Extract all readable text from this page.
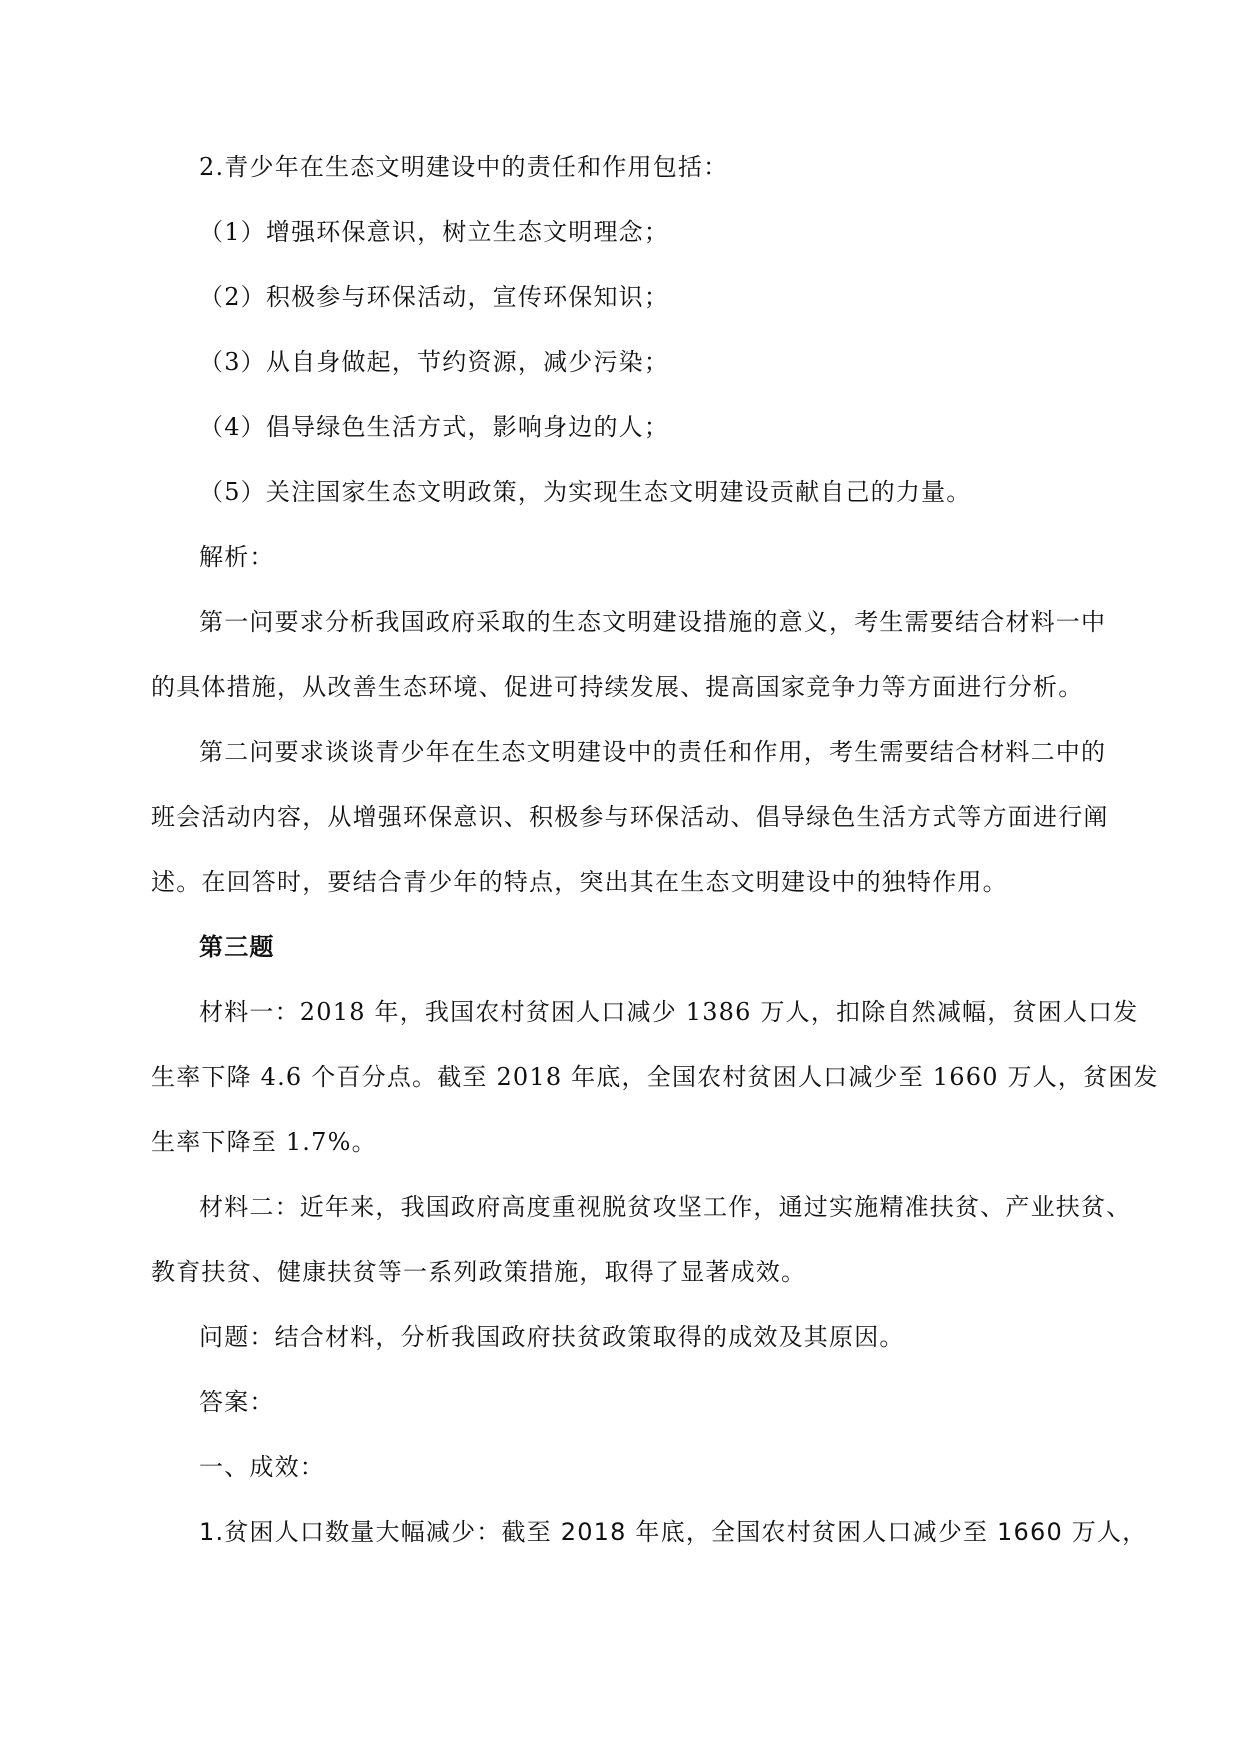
2.青少年在生态文明建设中的责任和作用包括：
（1）增强环保意识，树立生态文明理念；
（2）积极参与环保活动，宣传环保知识；
（3）从自身做起，节约资源，减少污染；
（4）倡导绿色生活方式，影响身边的人；
（5）关注国家生态文明政策，为实现生态文明建设贡献自己的力量。
解析：
第一问要求分析我国政府采取的生态文明建设措施的意义，考生需要结合材料一中
的具体措施，从改善生态环境、促进可持续发展、提高国家竞争力等方面进行分析。
第二问要求谈谈青少年在生态文明建设中的责任和作用，考生需要结合材料二中的
班会活动内容，从增强环保意识、积极参与环保活动、倡导绿色生活方式等方面进行阐
述。在回答时，要结合青少年的特点，突出其在生态文明建设中的独特作用。
第三题
材料一：2018 年，我国农村贫困人口减少 1386 万人，扣除自然减幅，贫困人口发
生率下降 4.6 个百分点。截至 2018 年底，全国农村贫困人口减少至 1660 万人，贫困发
生率下降至 1.7%。
材料二：近年来，我国政府高度重视脱贫攻坚工作，通过实施精准扶贫、产业扶贫、
教育扶贫、健康扶贫等一系列政策措施，取得了显著成效。
问题：结合材料，分析我国政府扶贫政策取得的成效及其原因。
答案：
一、成效：
1.贫困人口数量大幅减少：截至 2018 年底，全国农村贫困人口减少至 1660 万人，
